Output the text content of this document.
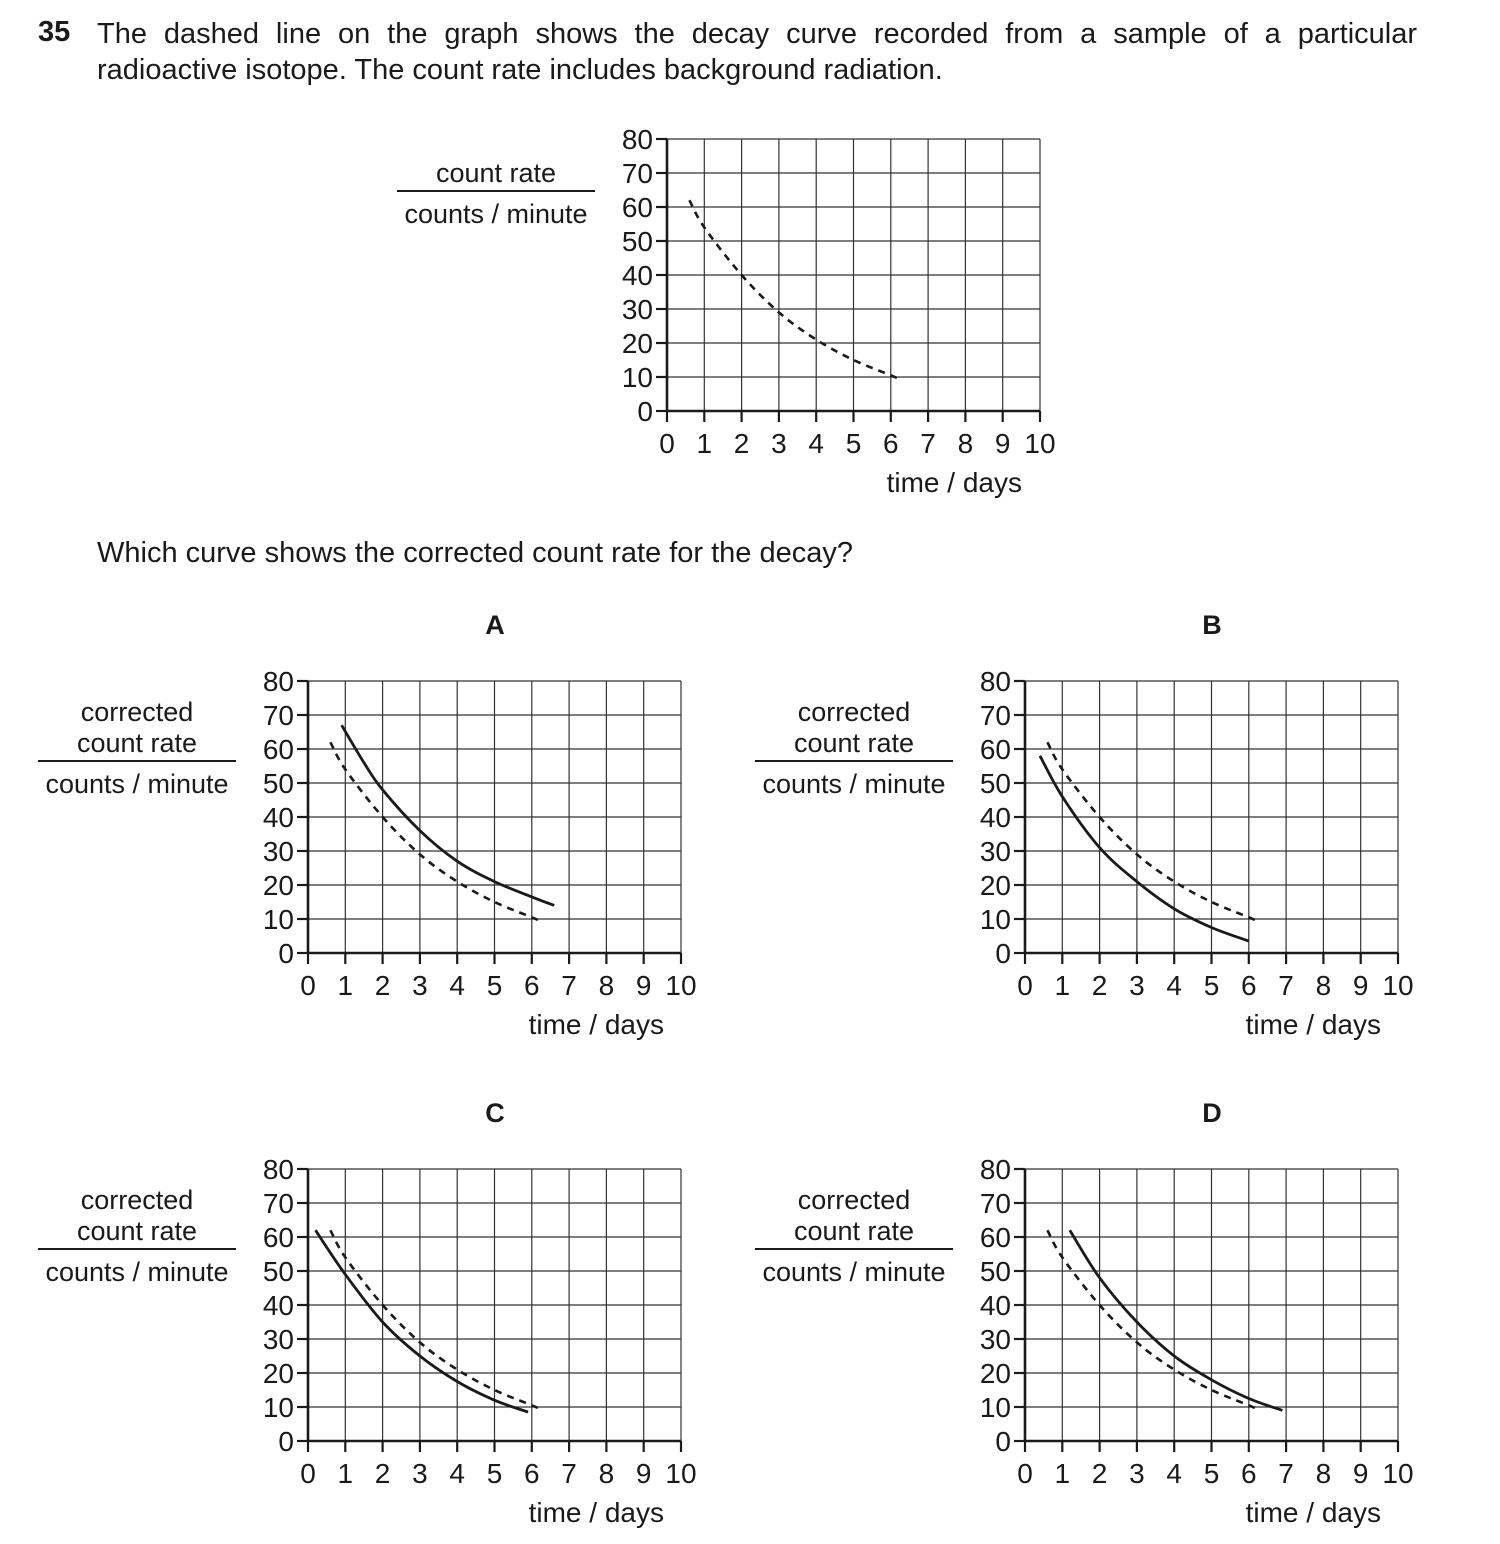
35 The dashed line on the graph shows the decay curve recorded from a sample of a particular radioactive isotope. The count rate includes background radiation.
Which curve shows the corrected count rate for the decay?
0 1 2 3 4 5 6 7 8 9 10
0
10
20
30
40
50
60
70
80
time / days
count rate
counts / minute
A
0 1 2 3 4 5 6 7 8 9 10
0
10
20
30
40
50
60
70
80
time / days
corrected
count rate
counts / minute
B
0 1 2 3 4 5 6 7 8 9 10
0
10
20
30
40
50
60
70
80
time / days
corrected
count rate
counts / minute
C
0 1 2 3 4 5 6 7 8 9 10
0
10
20
30
40
50
60
70
80
time / days
corrected
count rate
counts / minute
D
0 1 2 3 4 5 6 7 8 9 10
0
10
20
30
40
50
60
70
80
time / days
corrected
count rate
counts / minute
